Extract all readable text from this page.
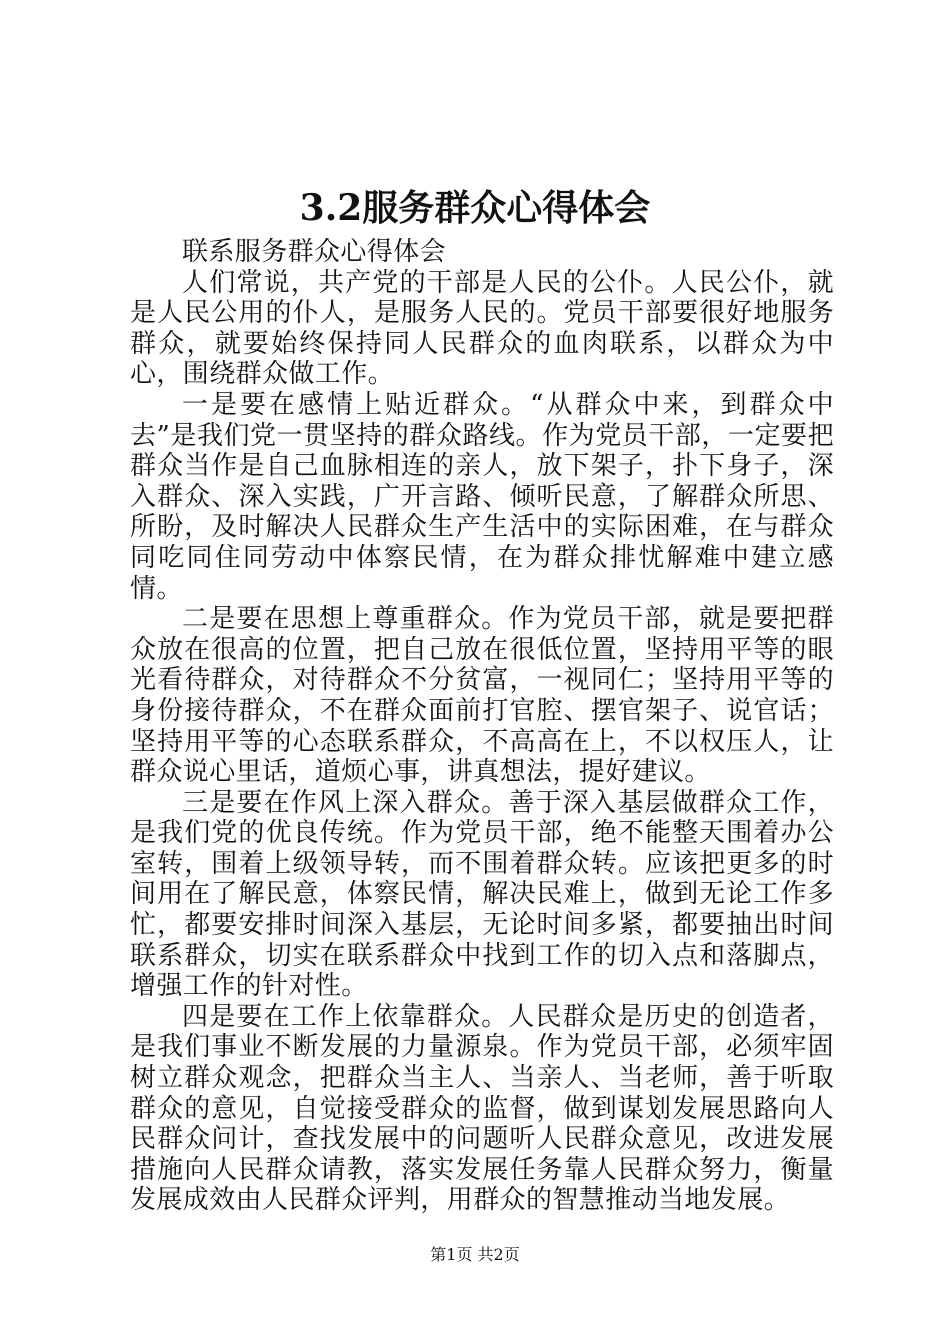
3.2服务群众心得体会

联系服务群众心得体会

人们常说，共产党的干部是人民的公仆。人民公仆，就是人民公用的仆人，是服务人民的。党员干部要很好地服务群众，就要始终保持同人民群众的血肉联系，以群众为中心，围绕群众做工作。

一是要在感情上贴近群众。“从群众中来，到群众中去”是我们党一贯坚持的群众路线。作为党员干部，一定要把群众当作是自己血脉相连的亲人，放下架子，扑下身子，深入群众、深入实践，广开言路、倾听民意，了解群众所思、所盼，及时解决人民群众生产生活中的实际困难，在与群众同吃同住同劳动中体察民情，在为群众排忧解难中建立感情。

二是要在思想上尊重群众。作为党员干部，就是要把群众放在很高的位置，把自己放在很低位置，坚持用平等的眼光看待群众，对待群众不分贫富，一视同仁；坚持用平等的身份接待群众，不在群众面前打官腔、摆官架子、说官话；坚持用平等的心态联系群众，不高高在上，不以权压人，让群众说心里话，道烦心事，讲真想法，提好建议。

三是要在作风上深入群众。善于深入基层做群众工作，是我们党的优良传统。作为党员干部，绝不能整天围着办公室转，围着上级领导转，而不围着群众转。应该把更多的时间用在了解民意，体察民情，解决民难上，做到无论工作多忙，都要安排时间深入基层，无论时间多紧，都要抽出时间联系群众，切实在联系群众中找到工作的切入点和落脚点，增强工作的针对性。

四是要在工作上依靠群众。人民群众是历史的创造者，是我们事业不断发展的力量源泉。作为党员干部，必须牢固树立群众观念，把群众当主人、当亲人、当老师，善于听取群众的意见，自觉接受群众的监督，做到谋划发展思路向人民群众问计，查找发展中的问题听人民群众意见，改进发展措施向人民群众请教，落实发展任务靠人民群众努力，衡量发展成效由人民群众评判，用群众的智慧推动当地发展。

第1页 共2页
